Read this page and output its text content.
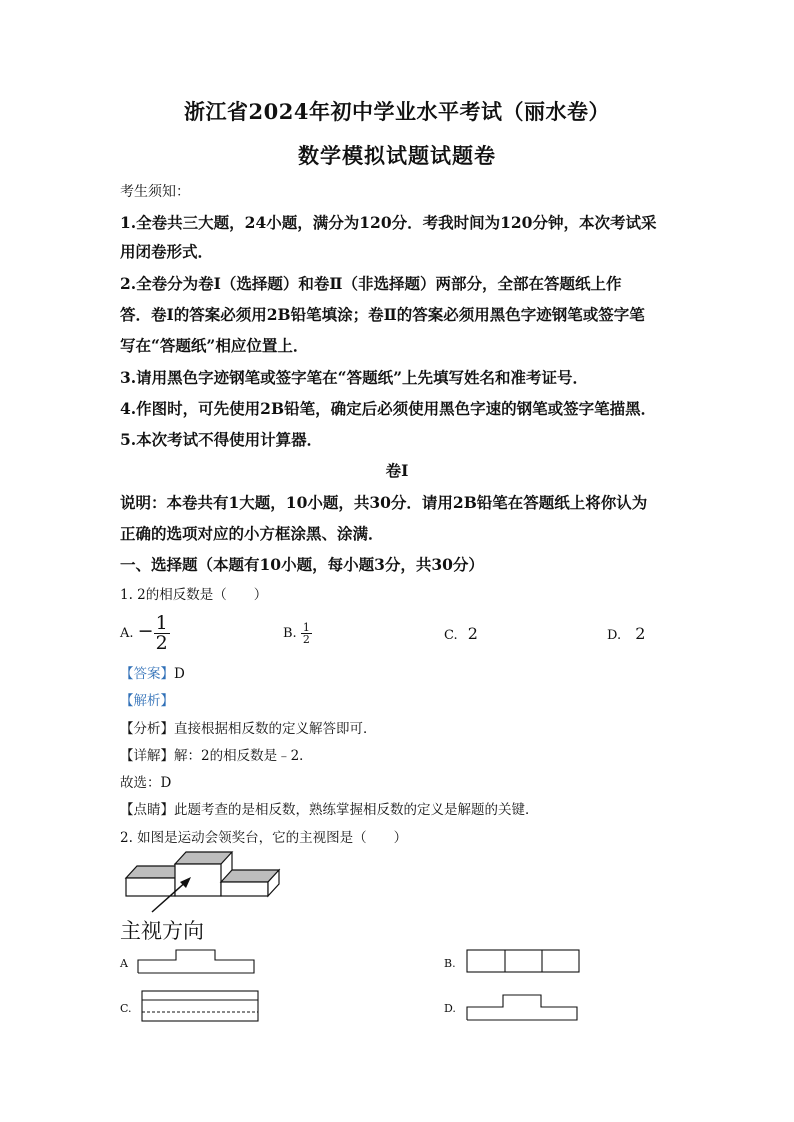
浙江省2024年初中学业水平考试（丽水卷）
数学模拟试题试题卷
考生须知：
1.全卷共三大题，24小题，满分为120分．考我时间为120分钟，本次考试采
用闭卷形式．
2.全卷分为卷Ⅰ（选择题）和卷Ⅱ（非选择题）两部分，全部在答题纸上作
答．卷Ⅰ的答案必须用2B铅笔填涂；卷Ⅱ的答案必须用黑色字迹钢笔或签字笔
写在“答题纸”相应位置上．
3.请用黑色字迹钢笔或签字笔在“答题纸”上先填写姓名和准考证号．
4.作图时，可先使用2B铅笔，确定后必须使用黑色字速的钢笔或签字笔描黑．
5.本次考试不得使用计算器．
卷Ⅰ
说明：本卷共有1大题，10小题，共30分．请用2B铅笔在答题纸上将你认为
正确的选项对应的小方框涂黑、涂满．
一、选择题（本题有10小题，每小题3分，共30分）
1. 2的相反数是（　　）
A. − $\frac{1}{2}$	B. $\frac{1}{2}$	C. 2	D. 2
【答案】D
【解析】
【分析】直接根据相反数的定义解答即可．
【详解】解：2的相反数是﹣2．
故选：D
【点睛】此题考查的是相反数，熟练掌握相反数的定义是解题的关键．
2. 如图是运动会领奖台，它的主视图是（　　）
主视方向
A	B.
C.	D.
